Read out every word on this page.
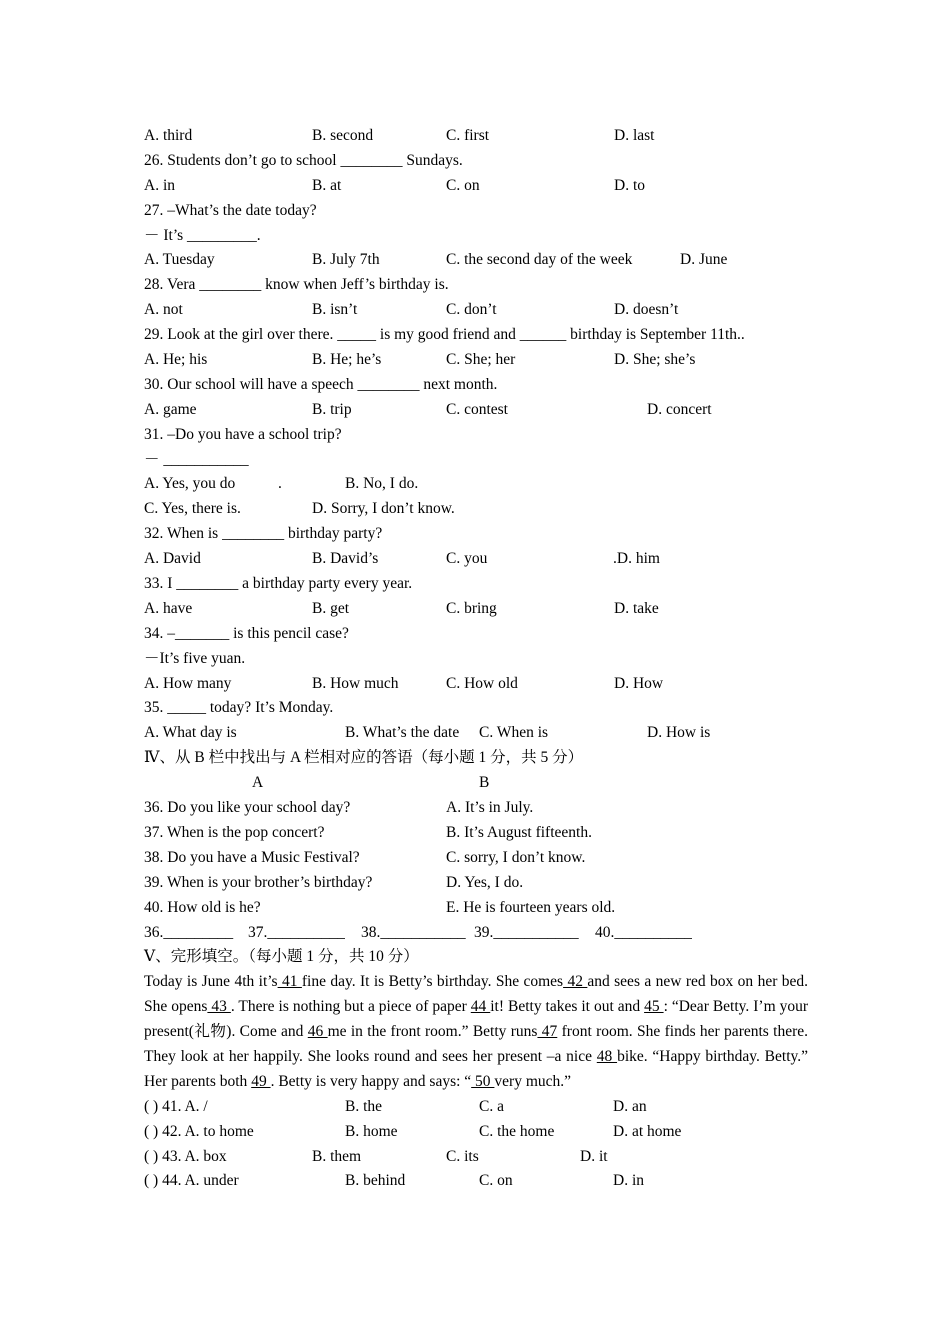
A. third	B. second	C. first	D. last
26. Students don’t go to school ________ Sundays.
A. in	B. at	C. on	D. to
27. –What’s the date today?
－ It’s _________.
A. Tuesday	B. July 7th	C. the second day of the week	D. June
28. Vera ________ know when Jeff’s birthday is.
A. not	B. isn’t	C. don’t	D. doesn’t
29. Look at the girl over there. _____ is my good friend and ______ birthday is September 11th..
A. He; his	B. He; he’s	C. She; her	D. She; she’s
30. Our school will have a speech ________ next month.
A. game	B. trip	C. contest	D. concert
31. –Do you have a school trip?
－ ___________
A. Yes, you do	.	B. No, I do.
C. Yes, there is.	D. Sorry, I don’t know.
32. When is ________ birthday party?
A. David	B. David’s	C. you	.D. him
33. I ________ a birthday party every year.
A. have	B. get	C. bring	D. take
34. –_______ is this pencil case?
－It’s five yuan.
A. How many	B. How much	C. How old	D. How
35. _____ today? It’s Monday.
A. What day is	B. What’s the date C. When is	D. How is
Ⅳ、从 B 栏中找出与 A 栏相对应的答语（每小题 1 分，共 5 分）
A	B
36. Do you like your school day?	A. It’s in July.
37. When is the pop concert?	B. It’s August fifteenth.
38. Do you have a Music Festival?	C. sorry, I don’t know.
39. When is your brother’s birthday?	D. Yes, I do.
40. How old is he?	E. He is fourteen years old.
36._________ 37.__________ 38.___________ 39.___________ 40.__________
Ⅴ、完形填空。（每小题 1 分，共 10 分）
Today is June 4th it’s 41 fine day. It is Betty’s birthday. She comes 42 and sees a new red box on her bed. She opens 43 . There is nothing but a piece of paper 44 it! Betty takes it out and 45 : “Dear Betty. I’m your present(礼物). Come and 46 me in the front room.” Betty runs 47 front room. She finds her parents there. They look at her happily. She looks round and sees her present –a nice 48 bike. “Happy birthday. Betty.” Her parents both 49 . Betty is very happy and says: “ 50 very much.”
( ) 41. A. /	B. the	C. a	D. an
( ) 42. A. to home	B. home	C. the home	D. at home
( ) 43. A. box	B. them	C. its	D. it
( ) 44. A. under	B. behind	C. on	D. in
